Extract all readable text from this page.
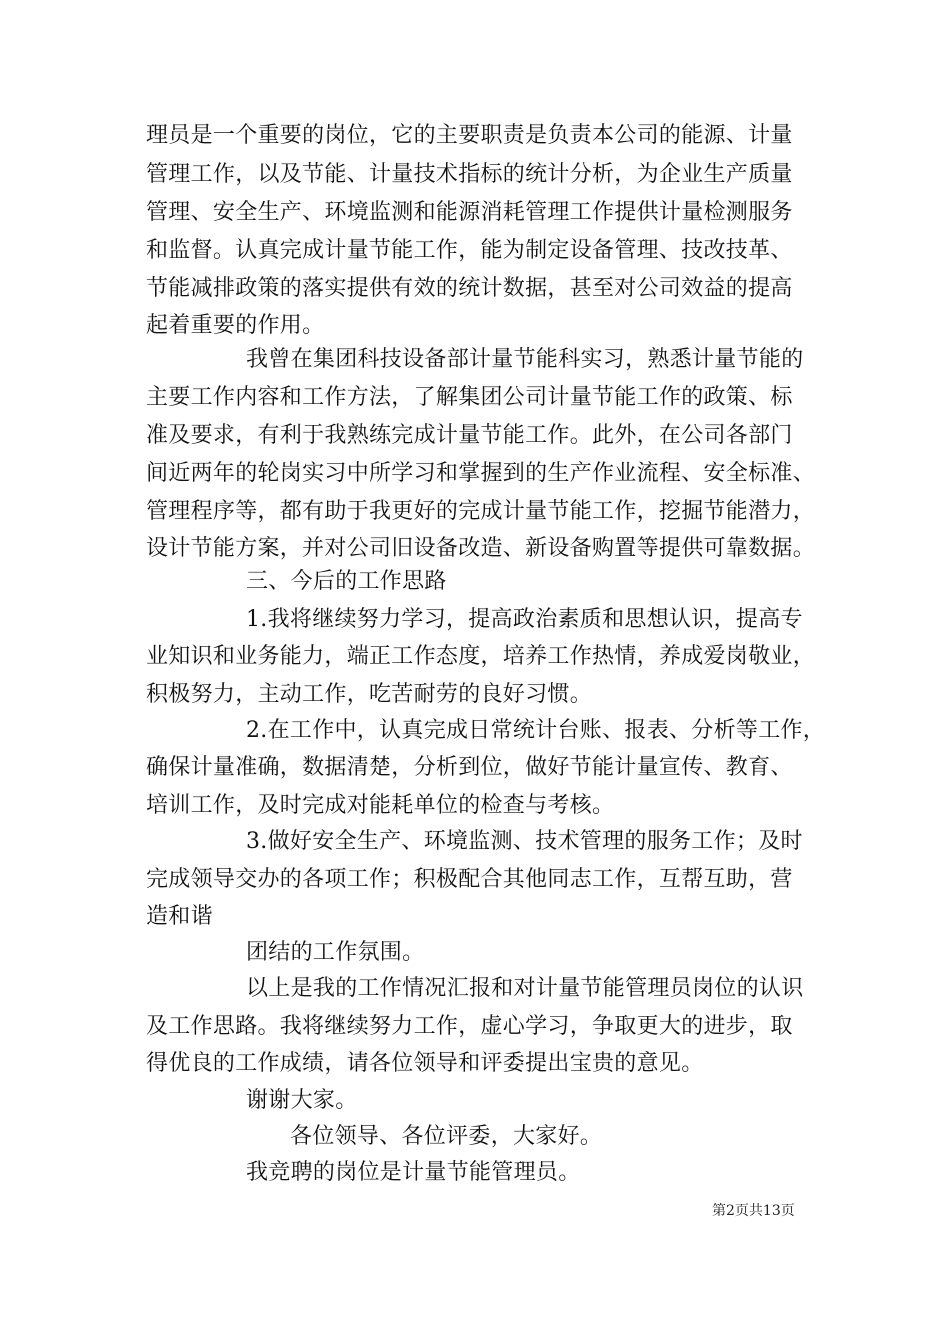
理员是一个重要的岗位，它的主要职责是负责本公司的能源、计量
管理工作，以及节能、计量技术指标的统计分析，为企业生产质量
管理、安全生产、环境监测和能源消耗管理工作提供计量检测服务
和监督。认真完成计量节能工作，能为制定设备管理、技改技革、
节能减排政策的落实提供有效的统计数据，甚至对公司效益的提高
起着重要的作用。
我曾在集团科技设备部计量节能科实习，熟悉计量节能的
主要工作内容和工作方法，了解集团公司计量节能工作的政策、标
准及要求，有利于我熟练完成计量节能工作。此外，在公司各部门
间近两年的轮岗实习中所学习和掌握到的生产作业流程、安全标准、
管理程序等，都有助于我更好的完成计量节能工作，挖掘节能潜力，
设计节能方案，并对公司旧设备改造、新设备购置等提供可靠数据。
三、今后的工作思路
1.我将继续努力学习，提高政治素质和思想认识，提高专
业知识和业务能力，端正工作态度，培养工作热情，养成爱岗敬业，
积极努力，主动工作，吃苦耐劳的良好习惯。
2.在工作中，认真完成日常统计台账、报表、分析等工作，
确保计量准确，数据清楚，分析到位，做好节能计量宣传、教育、
培训工作，及时完成对能耗单位的检查与考核。
3.做好安全生产、环境监测、技术管理的服务工作；及时
完成领导交办的各项工作；积极配合其他同志工作，互帮互助，营
造和谐
团结的工作氛围。
以上是我的工作情况汇报和对计量节能管理员岗位的认识
及工作思路。我将继续努力工作，虚心学习，争取更大的进步，取
得优良的工作成绩，请各位领导和评委提出宝贵的意见。
谢谢大家。
各位领导、各位评委，大家好。
我竞聘的岗位是计量节能管理员。
第2页共13页
